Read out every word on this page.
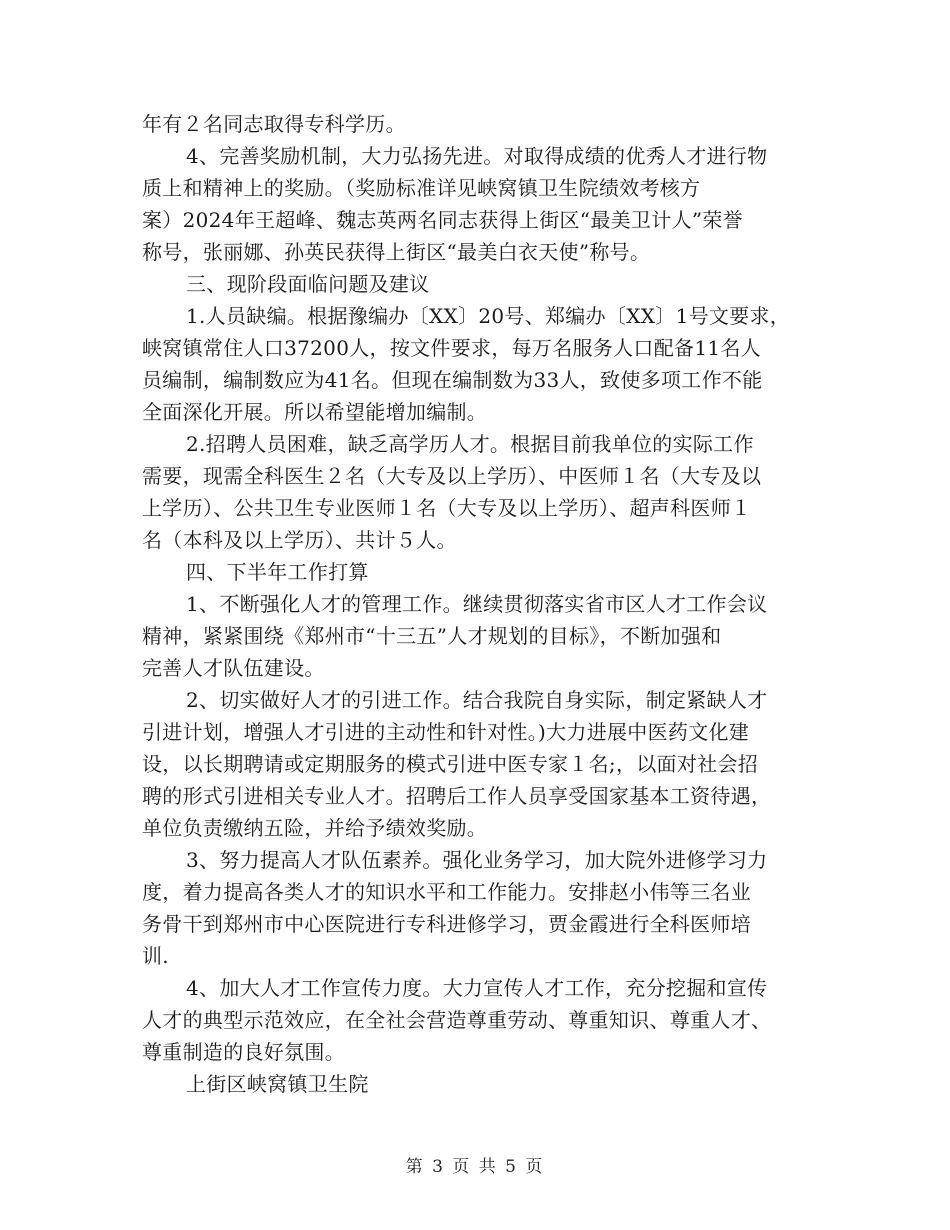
年有２名同志取得专科学历。
4、完善奖励机制，大力弘扬先进。对取得成绩的优秀人才进行物
质上和精神上的奖励。（奖励标准详见峡窝镇卫生院绩效考核方
案）2024年王超峰、魏志英两名同志获得上街区“最美卫计人”荣誉
称号，张丽娜、孙英民获得上街区“最美白衣天使”称号。
三、现阶段面临问题及建议
1.人员缺编。根据豫编办〔XX〕20号、郑编办〔XX〕1号文要求，
峡窝镇常住人口37200人，按文件要求，每万名服务人口配备11名人
员编制，编制数应为41名。但现在编制数为33人，致使多项工作不能
全面深化开展。所以希望能增加编制。
2.招聘人员困难，缺乏高学历人才。根据目前我单位的实际工作
需要，现需全科医生２名（大专及以上学历）、中医师１名（大专及以
上学历）、公共卫生专业医师１名（大专及以上学历）、超声科医师１
名（本科及以上学历）、共计５人。
四、下半年工作打算
1、不断强化人才的管理工作。继续贯彻落实省市区人才工作会议
精神，紧紧围绕《郑州市“十三五”人才规划的目标》，不断加强和
完善人才队伍建设。
2、切实做好人才的引进工作。结合我院自身实际，制定紧缺人才
引进计划，增强人才引进的主动性和针对性。)大力进展中医药文化建
设，以长期聘请或定期服务的模式引进中医专家１名;，以面对社会招
聘的形式引进相关专业人才。招聘后工作人员享受国家基本工资待遇，
单位负责缴纳五险，并给予绩效奖励。
3、努力提高人才队伍素养。强化业务学习，加大院外进修学习力
度，着力提高各类人才的知识水平和工作能力。安排赵小伟等三名业
务骨干到郑州市中心医院进行专科进修学习，贾金霞进行全科医师培
训.
4、加大人才工作宣传力度。大力宣传人才工作，充分挖掘和宣传
人才的典型示范效应，在全社会营造尊重劳动、尊重知识、尊重人才、
尊重制造的良好氛围。
上街区峡窝镇卫生院
第 3 页 共 5 页
